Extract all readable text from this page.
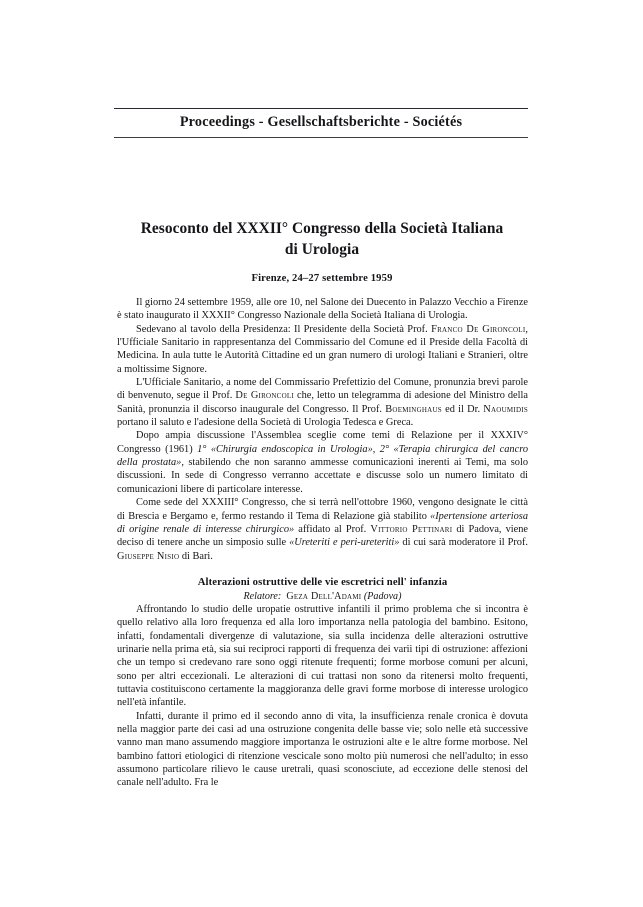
Proceedings - Gesellschaftsberichte - Sociétés
Resoconto del XXXII° Congresso della Società Italiana
di Urologia
Firenze, 24–27 settembre 1959

Il giorno 24 settembre 1959, alle ore 10, nel Salone dei Duecento in Palazzo Vecchio a Firenze è stato inaugurato il XXXII° Congresso Nazionale della Società Italiana di Urologia.

Sedevano al tavolo della Presidenza: Il Presidente della Società Prof. Franco De Gironcoli, l'Ufficiale Sanitario in rappresentanza del Commissario del Comune ed il Preside della Facoltà di Medicina. In aula tutte le Autorità Cittadine ed un gran numero di urologi Italiani e Stranieri, oltre a moltissime Signore.

L'Ufficiale Sanitario, a nome del Commissario Prefettizio del Comune, pronunzia brevi parole di benvenuto, segue il Prof. De Gironcoli che, letto un telegramma di adesione del Ministro della Sanità, pronunzia il discorso inaugurale del Congresso. Il Prof. Boeminghaus ed il Dr. Naoumidis portano il saluto e l'adesione della Società di Urologia Tedesca e Greca.

Dopo ampia discussione l'Assemblea sceglie come temi di Relazione per il XXXIV° Congresso (1961) 1° «Chirurgia endoscopica in Urologia», 2° «Terapia chirurgica del cancro della prostata», stabilendo che non saranno ammesse comunicazioni inerenti ai Temi, ma solo discussioni. In sede di Congresso verranno accettate e discusse solo un numero limitato di comunicazioni libere di particolare interesse.

Come sede del XXXIII° Congresso, che si terrà nell'ottobre 1960, vengono designate le città di Brescia e Bergamo e, fermo restando il Tema di Relazione già stabilito «Ipertensione arteriosa di origine renale di interesse chirurgico» affidato al Prof. Vittorio Pettinari di Padova, viene deciso di tenere anche un simposio sulle «Ureteriti e peri-ureteriti» di cui sarà moderatore il Prof. Giuseppe Nisio di Bari.

Alterazioni ostruttive delle vie escretrici nell' infanzia
Relatore: Geza Dell'Adami (Padova)

Affrontando lo studio delle uropatie ostruttive infantili il primo problema che si incontra è quello relativo alla loro frequenza ed alla loro importanza nella patologia del bambino. Esitono, infatti, fondamentali divergenze di valutazione, sia sulla incidenza delle alterazioni ostruttive urinarie nella prima età, sia sui reciproci rapporti di frequenza dei varii tipi di ostruzione: affezioni che un tempo si credevano rare sono oggi ritenute frequenti; forme morbose comuni per alcuni, sono per altri eccezionali. Le alterazioni di cui trattasi non sono da ritenersi molto frequenti, tuttavia costituiscono certamente la maggioranza delle gravi forme morbose di interesse urologico nell'età infantile.

Infatti, durante il primo ed il secondo anno di vita, la insufficienza renale cronica è dovuta nella maggior parte dei casi ad una ostruzione congenita delle basse vie; solo nelle età successive vanno man mano assumendo maggiore importanza le ostruzioni alte e le altre forme morbose. Nel bambino fattori etiologici di ritenzione vescicale sono molto più numerosi che nell'adulto; in esso assumono particolare rilievo le cause uretrali, quasi sconosciute, ad eccezione delle stenosi del canale nell'adulto. Fra le
